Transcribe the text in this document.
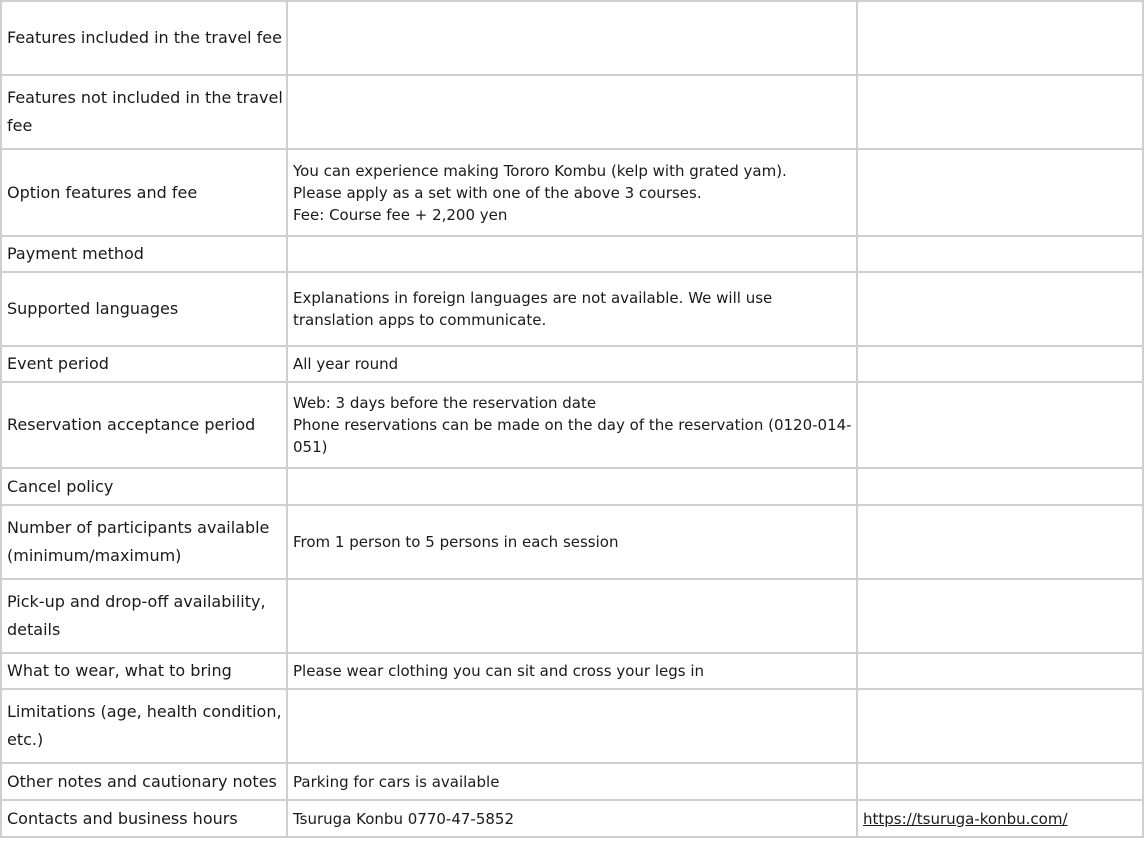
Features included in the travel fee		
Features not included in the travel fee		
Option features and fee	You can experience making Tororo Kombu (kelp with grated yam).
Please apply as a set with one of the above 3 courses.
Fee: Course fee + 2,200 yen	

Payment method		
Supported languages	Explanations in foreign languages are not available. We will use translation apps to communicate.	

Event period	All year round	

Reservation acceptance period	Web: 3 days before the reservation date
Phone reservations can be made on the day of the reservation (0120-014-051)	

Cancel policy		
Number of participants available (minimum/maximum)	From 1 person to 5 persons in each session	

Pick-up and drop-off availability, details		
What to wear, what to bring	Please wear clothing you can sit and cross your legs in	

Limitations (age, health condition, etc.)		
Other notes and cautionary notes	Parking for cars is available	

Contacts and business hours	Tsuruga Konbu 0770-47-5852	https://tsuruga-konbu.com/
